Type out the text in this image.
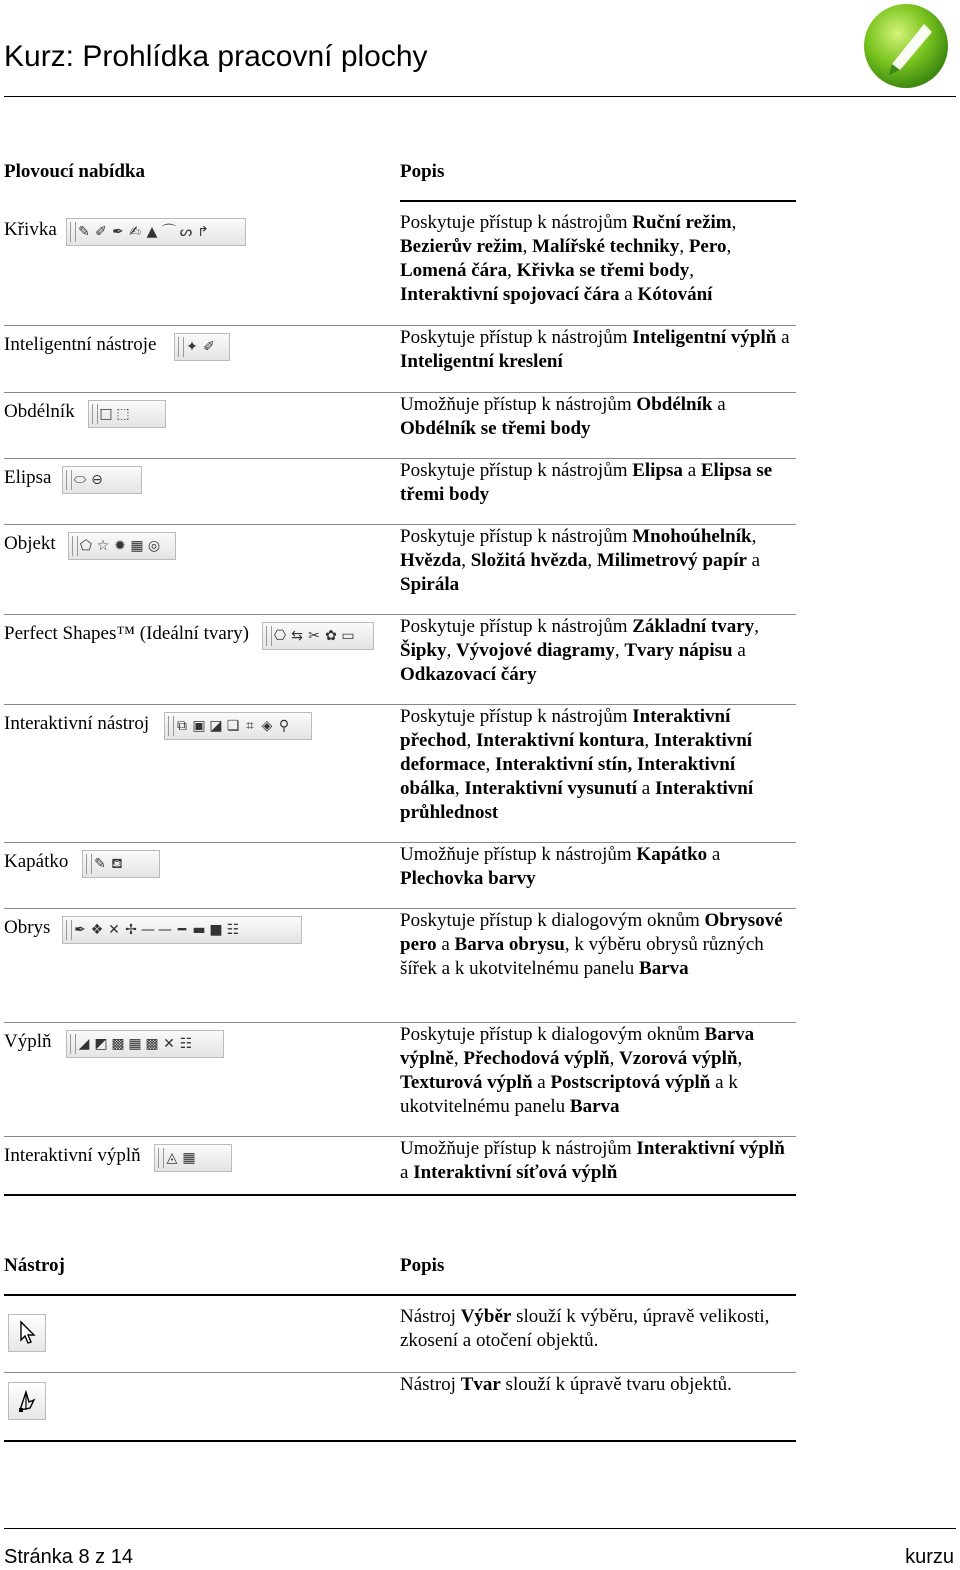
Kurz: Prohlídka pracovní plochy
Plovoucí nabídka	Popis
Křivka ✎ ✐ ✒ ✍ ▲ ⌒ ᔕ ↱	Poskytuje přístup k nástrojům Ruční režim, Bezierův režim, Malířské techniky, Pero, Lomená čára, Křivka se třemi body, Interaktivní spojovací čára a Kótování
Inteligentní nástroje ✦ ✐	Poskytuje přístup k nástrojům Inteligentní výplň a Inteligentní kreslení
Obdélník □ ⬚	Umožňuje přístup k nástrojům Obdélník a Obdélník se třemi body
Elipsa ⬭ ⊖	Poskytuje přístup k nástrojům Elipsa a Elipsa se třemi body
Objekt ⬠ ☆ ✹ ▦ ◎	Poskytuje přístup k nástrojům Mnohoúhelník, Hvězda, Složitá hvězda, Milimetrový papír a Spirála
Perfect Shapes™ (Ideální tvary) ⎔ ⇆ ✂ ✿ ▭ Poskytuje přístup k nástrojům Základní tvary, Šipky, Vývojové diagramy, Tvary nápisu a Odkazovací čáry
Interaktivní nástroj ⧉ ▣ ◪ ❏ ⌗ ◈ ⚲	Poskytuje přístup k nástrojům Interaktivní přechod, Interaktivní kontura, Interaktivní deformace, Interaktivní stín, Interaktivní obálka, Interaktivní vysunutí a Interaktivní průhlednost
Kapátko ✎ ⛾	Umožňuje přístup k nástrojům Kapátko a Plechovka barvy
Obrys ✒ ❖ ✕ ✢ — — ━ ▬ ■ ☷	Poskytuje přístup k dialogovým oknům Obrysové pero a Barva obrysu, k výběru obrysů různých šířek a k ukotvitelnému panelu Barva
Výplň ◢ ◩ ▩ ▦ ▩ ✕ ☷	Poskytuje přístup k dialogovým oknům Barva výplně, Přechodová výplň, Vzorová výplň, Texturová výplň a Postscriptová výplň a k ukotvitelnému panelu Barva
Interaktivní výplň ◬ ▦	Umožňuje přístup k nástrojům Interaktivní výplň a Interaktivní síťová výplň
Nástroj	Popis
Nástroj Výběr slouží k výběru, úpravě velikosti, zkosení a otočení objektů.
Nástroj Tvar slouží k úpravě tvaru objektů.
Stránka 8 z 14	kurzu
